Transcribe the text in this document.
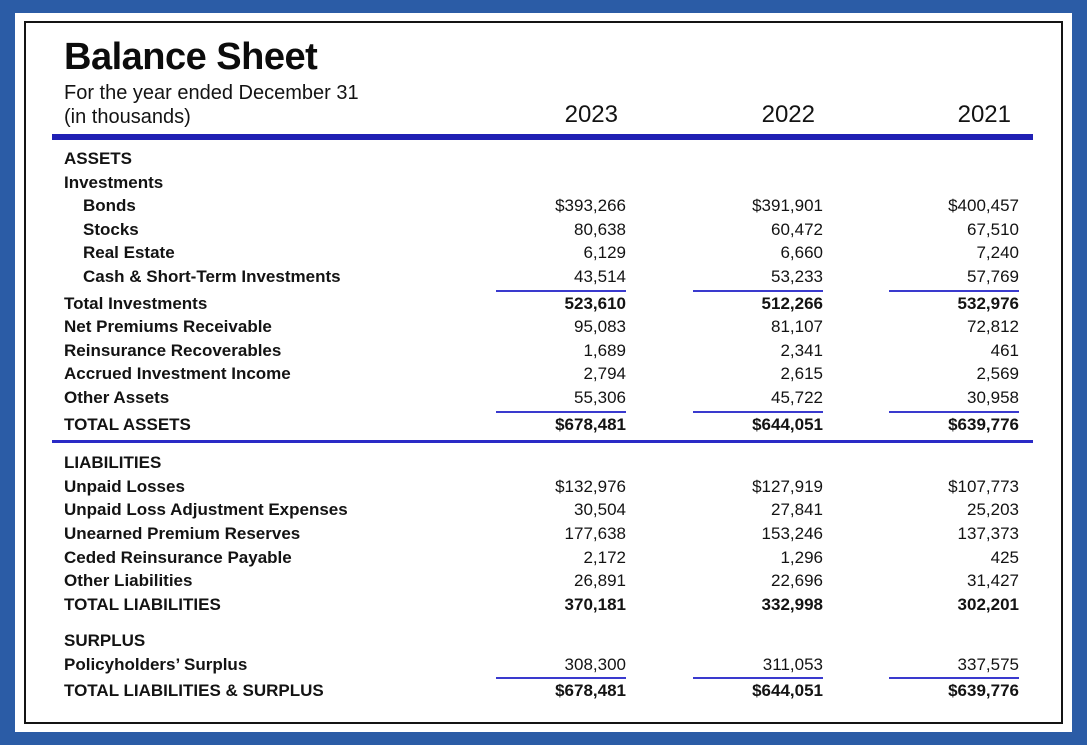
Balance Sheet
For the year ended December 31
(in thousands)	2023	2022	2021
ASSETS
Investments
Bonds	$393,266	$391,901	$400,457
Stocks	80,638	60,472	67,510
Real Estate	6,129	6,660	7,240
Cash & Short-Term Investments	43,514	53,233	57,769
Total Investments	523,610	512,266	532,976
Net Premiums Receivable	95,083	81,107	72,812
Reinsurance Recoverables	1,689	2,341	461
Accrued Investment Income	2,794	2,615	2,569
Other Assets	55,306	45,722	30,958
TOTAL ASSETS	$678,481	$644,051	$639,776
LIABILITIES
Unpaid Losses	$132,976	$127,919	$107,773
Unpaid Loss Adjustment Expenses	30,504	27,841	25,203
Unearned Premium Reserves	177,638	153,246	137,373
Ceded Reinsurance Payable	2,172	1,296	425
Other Liabilities	26,891	22,696	31,427
TOTAL LIABILITIES	370,181	332,998	302,201
SURPLUS
Policyholders’ Surplus	308,300	311,053	337,575
TOTAL LIABILITIES & SURPLUS	$678,481	$644,051	$639,776
